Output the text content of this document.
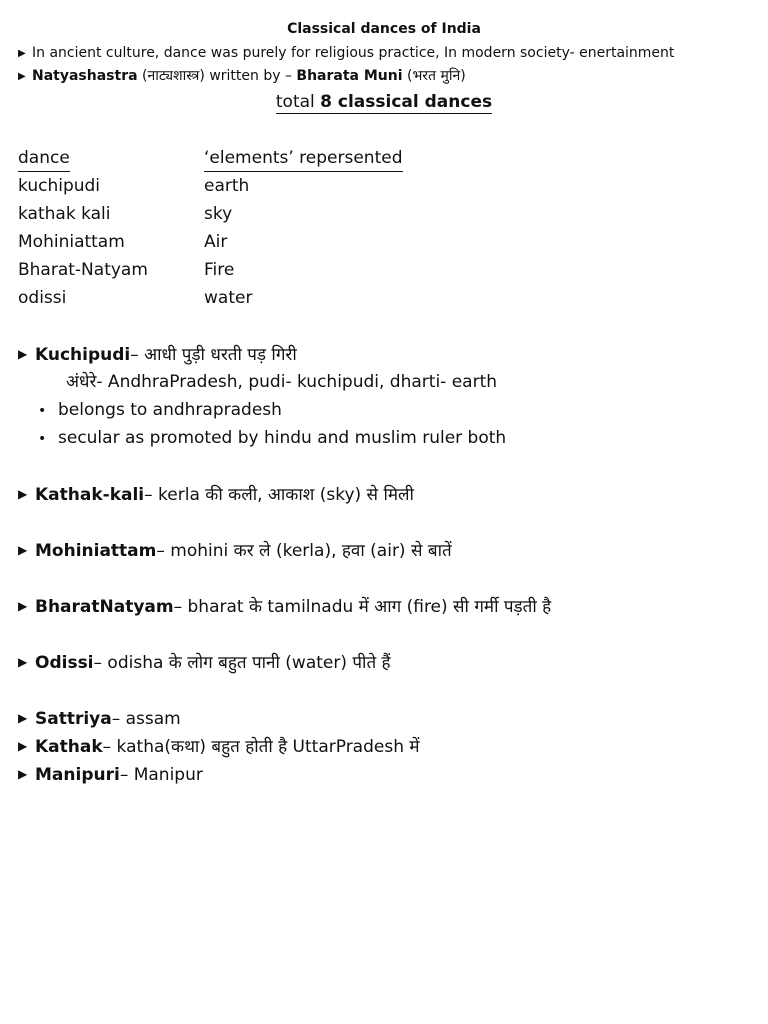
Classical dances of India
▶ In ancient culture, dance was purely for religious practice, In modern society- enertainment
▶ Natyashastra (नाट्यशास्त्र) written by – Bharata Muni (भरत मुनि)
total 8 classical dances
dance	‘elements’ repersented
kuchipudi	earth
kathak kali	sky
Mohiniattam	Air
Bharat-Natyam	Fire
odissi	water
▶ Kuchipudi– आधी पुड़ी धरती पड़ गिरी
अंधेरे- AndhraPradesh, pudi- kuchipudi, dharti- earth
• belongs to andhrapradesh
• secular as promoted by hindu and muslim ruler both
▶ Kathak-kali– kerla की कली, आकाश (sky) से मिली
▶ Mohiniattam– mohini कर ले (kerla), हवा (air) से बातें
▶ BharatNatyam– bharat के tamilnadu में आग (fire) सी गर्मी पड़ती है
▶ Odissi– odisha के लोग बहुत पानी (water) पीते हैं
▶ Sattriya– assam
▶ Kathak– katha(कथा) बहुत होती है UttarPradesh में
▶ Manipuri– Manipur
